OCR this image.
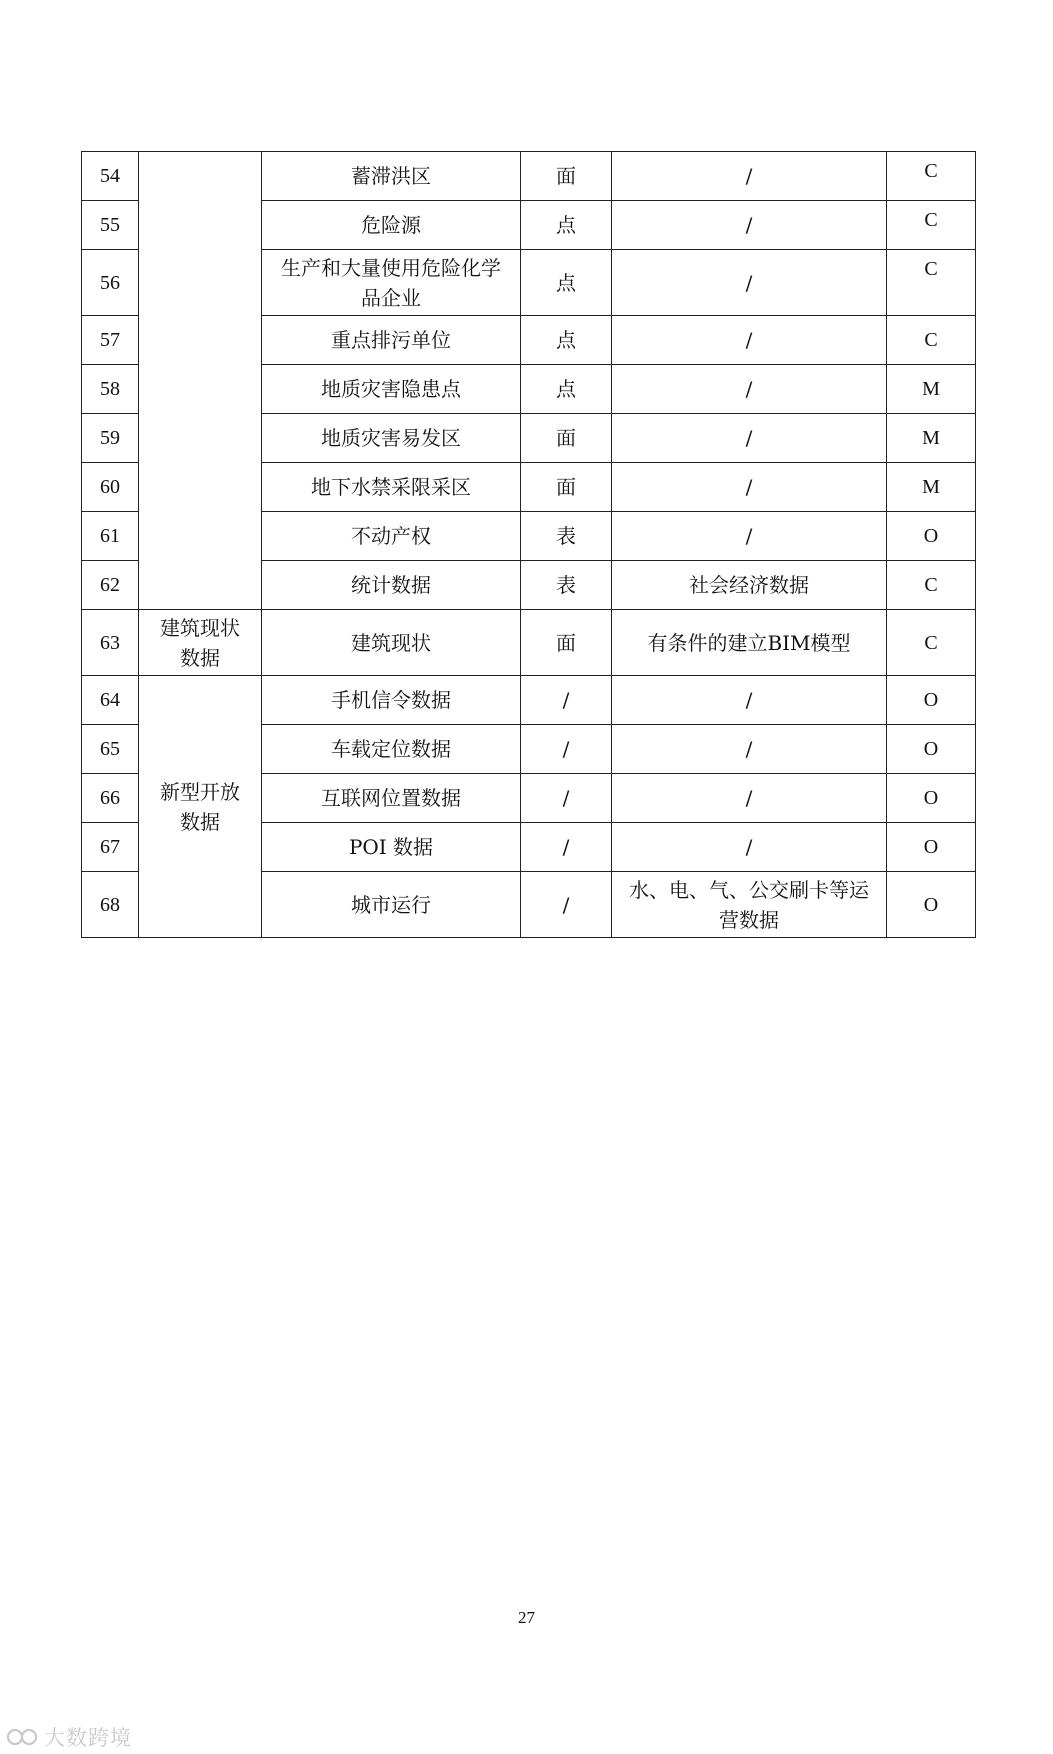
54		蓄滞洪区	面	/	C
55		危险源	点	/	C
56		生产和大量使用危险化学品企业	点	/	C
57		重点排污单位	点	/	C
58		地质灾害隐患点	点	/	M
59		地质灾害易发区	面	/	M
60		地下水禁采限采区	面	/	M
61		不动产权	表	/	O
62		统计数据	表	社会经济数据	C
63	建筑现状数据	建筑现状	面	有条件的建立BIM模型	C
64	新型开放数据	手机信令数据	/	/	O
65		车载定位数据	/	/	O
66		互联网位置数据	/	/	O
67		POI 数据	/	/	O
68		城市运行	/	水、电、气、公交刷卡等运营数据	O
27
大数跨境
